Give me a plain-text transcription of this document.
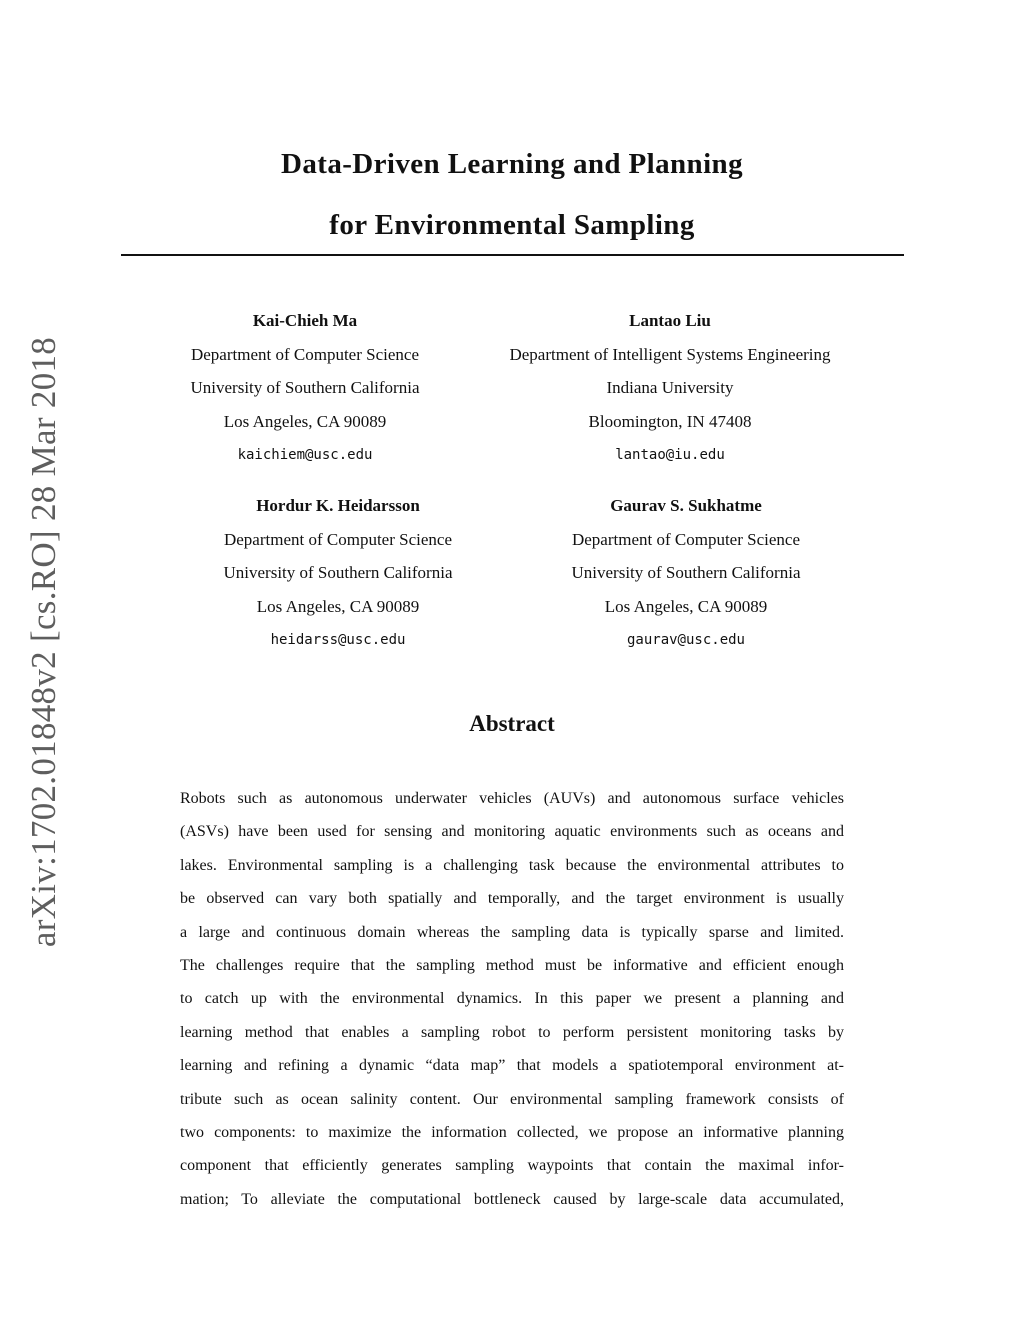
arXiv:1702.01848v2 [cs.RO] 28 Mar 2018
Data-Driven Learning and Planning
for Environmental Sampling
Kai-Chieh Ma
Department of Computer Science
University of Southern California
Los Angeles, CA 90089
kaichiem@usc.edu
Lantao Liu
Department of Intelligent Systems Engineering
Indiana University
Bloomington, IN 47408
lantao@iu.edu
Hordur K. Heidarsson
Department of Computer Science
University of Southern California
Los Angeles, CA 90089
heidarss@usc.edu
Gaurav S. Sukhatme
Department of Computer Science
University of Southern California
Los Angeles, CA 90089
gaurav@usc.edu
Abstract
Robots such as autonomous underwater vehicles (AUVs) and autonomous surface vehicles
(ASVs) have been used for sensing and monitoring aquatic environments such as oceans and
lakes. Environmental sampling is a challenging task because the environmental attributes to
be observed can vary both spatially and temporally, and the target environment is usually
a large and continuous domain whereas the sampling data is typically sparse and limited.
The challenges require that the sampling method must be informative and efficient enough
to catch up with the environmental dynamics. In this paper we present a planning and
learning method that enables a sampling robot to perform persistent monitoring tasks by
learning and refining a dynamic “data map” that models a spatiotemporal environment at-
tribute such as ocean salinity content. Our environmental sampling framework consists of
two components: to maximize the information collected, we propose an informative planning
component that efficiently generates sampling waypoints that contain the maximal infor-
mation; To alleviate the computational bottleneck caused by large-scale data accumulated,
